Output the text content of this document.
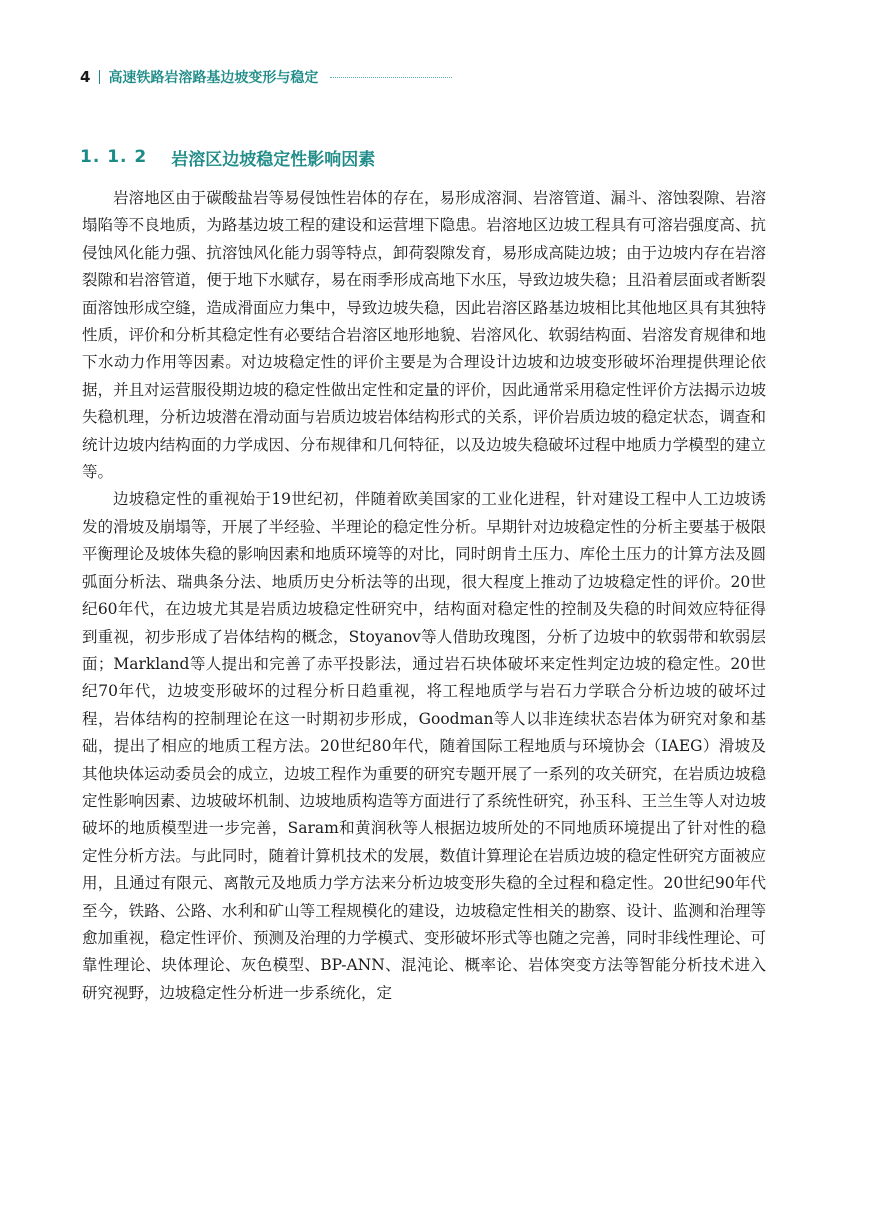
4 高速铁路岩溶路基边坡变形与稳定
1. 1. 2 岩溶区边坡稳定性影响因素

岩溶地区由于碳酸盐岩等易侵蚀性岩体的存在，易形成溶洞、岩溶管道、漏斗、溶蚀裂隙、岩溶塌陷等不良地质，为路基边坡工程的建设和运营埋下隐患。岩溶地区边坡工程具有可溶岩强度高、抗侵蚀风化能力强、抗溶蚀风化能力弱等特点，卸荷裂隙发育，易形成高陡边坡；由于边坡内存在岩溶裂隙和岩溶管道，便于地下水赋存，易在雨季形成高地下水压，导致边坡失稳；且沿着层面或者断裂面溶蚀形成空缝，造成滑面应力集中，导致边坡失稳，因此岩溶区路基边坡相比其他地区具有其独特性质，评价和分析其稳定性有必要结合岩溶区地形地貌、岩溶风化、软弱结构面、岩溶发育规律和地下水动力作用等因素。对边坡稳定性的评价主要是为合理设计边坡和边坡变形破坏治理提供理论依据，并且对运营服役期边坡的稳定性做出定性和定量的评价，因此通常采用稳定性评价方法揭示边坡失稳机理，分析边坡潜在滑动面与岩质边坡岩体结构形式的关系，评价岩质边坡的稳定状态，调查和统计边坡内结构面的力学成因、分布规律和几何特征，以及边坡失稳破坏过程中地质力学模型的建立等。

边坡稳定性的重视始于19世纪初，伴随着欧美国家的工业化进程，针对建设工程中人工边坡诱发的滑坡及崩塌等，开展了半经验、半理论的稳定性分析。早期针对边坡稳定性的分析主要基于极限平衡理论及坡体失稳的影响因素和地质环境等的对比，同时朗肯土压力、库伦土压力的计算方法及圆弧面分析法、瑞典条分法、地质历史分析法等的出现，很大程度上推动了边坡稳定性的评价。20世纪60年代，在边坡尤其是岩质边坡稳定性研究中，结构面对稳定性的控制及失稳的时间效应特征得到重视，初步形成了岩体结构的概念，Stoyanov等人借助玫瑰图，分析了边坡中的软弱带和软弱层面；Markland等人提出和完善了赤平投影法，通过岩石块体破坏来定性判定边坡的稳定性。20世纪70年代，边坡变形破坏的过程分析日趋重视，将工程地质学与岩石力学联合分析边坡的破坏过程，岩体结构的控制理论在这一时期初步形成，Goodman等人以非连续状态岩体为研究对象和基础，提出了相应的地质工程方法。20世纪80年代，随着国际工程地质与环境协会（IAEG）滑坡及其他块体运动委员会的成立，边坡工程作为重要的研究专题开展了一系列的攻关研究，在岩质边坡稳定性影响因素、边坡破坏机制、边坡地质构造等方面进行了系统性研究，孙玉科、王兰生等人对边坡破坏的地质模型进一步完善，Saram和黄润秋等人根据边坡所处的不同地质环境提出了针对性的稳定性分析方法。与此同时，随着计算机技术的发展，数值计算理论在岩质边坡的稳定性研究方面被应用，且通过有限元、离散元及地质力学方法来分析边坡变形失稳的全过程和稳定性。20世纪90年代至今，铁路、公路、水利和矿山等工程规模化的建设，边坡稳定性相关的勘察、设计、监测和治理等愈加重视，稳定性评价、预测及治理的力学模式、变形破坏形式等也随之完善，同时非线性理论、可靠性理论、块体理论、灰色模型、BP-ANN、混沌论、概率论、岩体突变方法等智能分析技术进入研究视野，边坡稳定性分析进一步系统化，定
